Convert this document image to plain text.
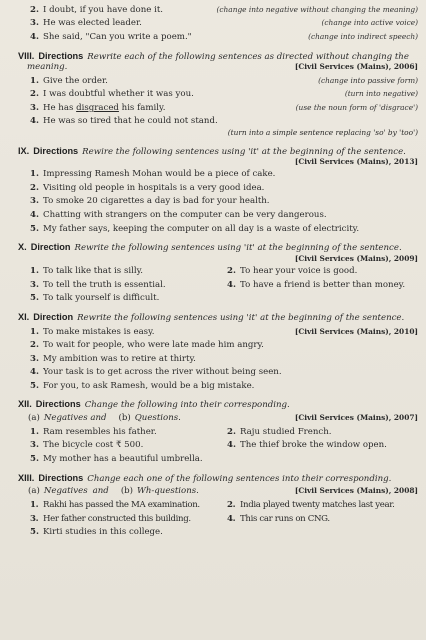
2. I doubt, if you have done it.	(change into negative without changing the meaning)
3. He was elected leader.	(change into active voice)
4. She said, "Can you write a poem."	(change into indirect speech)
VIII. Directions Rewrite each of the following sentences as directed without changing the
meaning.	[Civil Services (Mains), 2006]
1. Give the order.	(change into passive form)
2. I was doubtful whether it was you.	(turn into negative)
3. He has disgraced his family.	(use the noun form of 'disgrace')
4. He was so tired that he could not stand.
(turn into a simple sentence replacing 'so' by 'too')
IX. Directions Rewire the following sentences using 'it' at the beginning of the sentence.
[Civil Services (Mains), 2013]
1. Impressing Ramesh Mohan would be a piece of cake.
2. Visiting old people in hospitals is a very good idea.
3. To smoke 20 cigarettes a day is bad for your health.
4. Chatting with strangers on the computer can be very dangerous.
5. My father says, keeping the computer on all day is a waste of electricity.
X. Direction Rewrite the following sentences using 'it' at the beginning of the sentence.
[Civil Services (Mains), 2009]
1. To talk like that is silly.	2. To hear your voice is good.
3. To tell the truth is essential.	4. To have a friend is better than money.
5. To talk yourself is difficult.
XI. Direction Rewrite the following sentences using 'it' at the beginning of the sentence.
1. To make mistakes is easy.	[Civil Services (Mains), 2010]
2. To wait for people, who were late made him angry.
3. My ambition was to retire at thirty.
4. Your task is to get across the river without being seen.
5. For you, to ask Ramesh, would be a big mistake.
XII. Directions Change the following into their corresponding.
(a) Negatives and (b) Questions.	[Civil Services (Mains), 2007]
1. Ram resembles his father.	2. Raju studied French.
3. The bicycle cost ₹ 500.	4. The thief broke the window open.
5. My mother has a beautiful umbrella.
XIII. Directions Change each one of the following sentences into their corresponding.
(a) Negatives and (b) Wh-questions.	[Civil Services (Mains), 2008]
1. Rakhi has passed the MA examination.	2. India played twenty matches last year.
3. Her father constructed this building.	4. This car runs on CNG.
5. Kirti studies in this college.
